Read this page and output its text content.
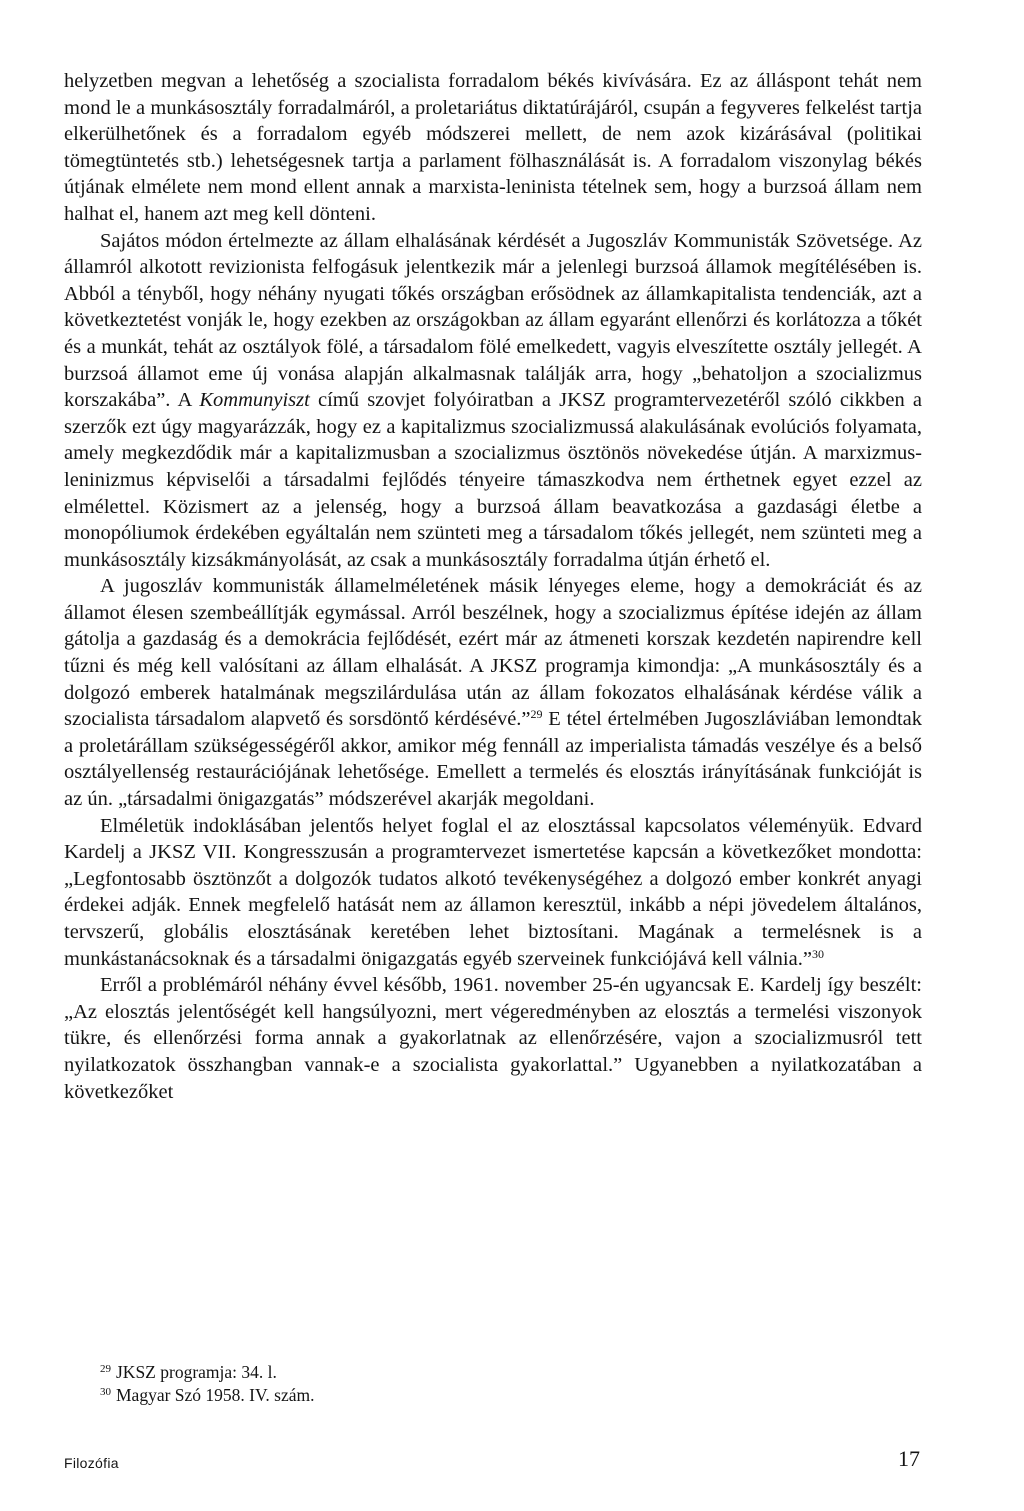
helyzetben megvan a lehetőség a szocialista forradalom békés kivívására. Ez az álláspont tehát nem mond le a munkásosztály forradalmáról, a proletariátus diktatúrájáról, csupán a fegyveres felkelést tartja elkerülhetőnek és a forradalom egyéb módszerei mellett, de nem azok kizárásával (politikai tömegtüntetés stb.) lehetségesnek tartja a parlament fölhasználását is. A forradalom viszonylag békés útjának elmélete nem mond ellent annak a marxista-leninista tételnek sem, hogy a burzsoá állam nem halhat el, hanem azt meg kell dönteni.

Sajátos módon értelmezte az állam elhalásának kérdését a Jugoszláv Kommunisták Szövetsége. Az államról alkotott revizionista felfogásuk jelentkezik már a jelenlegi burzsoá államok megítélésében is. Abból a tényből, hogy néhány nyugati tőkés országban erősödnek az államkapitalista tendenciák, azt a következtetést vonják le, hogy ezekben az országokban az állam egyaránt ellenőrzi és korlátozza a tőkét és a munkát, tehát az osztályok fölé, a társadalom fölé emelkedett, vagyis elveszítette osztály jellegét. A burzsoá államot eme új vonása alapján alkalmasnak találják arra, hogy „behatoljon a szocializmus korszakába”. A Kommunyiszt című szovjet folyóiratban a JKSZ programtervezetéről szóló cikkben a szerzők ezt úgy magyarázzák, hogy ez a kapitalizmus szocializmussá alakulásának evolúciós folyamata, amely megkezdődik már a kapitalizmusban a szocializmus ösztönös növekedése útján. A marxizmus-leninizmus képviselői a társadalmi fejlődés tényeire támaszkodva nem érthetnek egyet ezzel az elmélettel. Közismert az a jelenség, hogy a burzsoá állam beavatkozása a gazdasági életbe a monopóliumok érdekében egyáltalán nem szünteti meg a társadalom tőkés jellegét, nem szünteti meg a munkásosztály kizsákmányolását, az csak a munkásosztály forradalma útján érhető el.

A jugoszláv kommunisták államelméletének másik lényeges eleme, hogy a demokráciát és az államot élesen szembeállítják egymással. Arról beszélnek, hogy a szocializmus építése idején az állam gátolja a gazdaság és a demokrácia fejlődését, ezért már az átmeneti korszak kezdetén napirendre kell tűzni és még kell valósítani az állam elhalását. A JKSZ programja kimondja: „A munkásosztály és a dolgozó emberek hatalmának megszilárdulása után az állam fokozatos elhalásának kérdése válik a szocialista társadalom alapvető és sorsdöntő kérdésévé.”$^{29}$ E tétel értelmében Jugoszláviában lemondtak a proletárállam szükségességéről akkor, amikor még fennáll az imperialista támadás veszélye és a belső osztályellenség restaurációjának lehetősége. Emellett a termelés és elosztás irányításának funkcióját is az ún. „társadalmi önigazgatás” módszerével akarják megoldani.

Elméletük indoklásában jelentős helyet foglal el az elosztással kapcsolatos véleményük. Edvard Kardelj a JKSZ VII. Kongresszusán a programtervezet ismertetése kapcsán a következőket mondotta: „Legfontosabb ösztönzőt a dolgozók tudatos alkotó tevékenységéhez a dolgozó ember konkrét anyagi érdekei adják. Ennek megfelelő hatását nem az államon keresztül, inkább a népi jövedelem általános, tervszerű, globális elosztásának keretében lehet biztosítani. Magának a termelésnek is a munkástanácsoknak és a társadalmi önigazgatás egyéb szerveinek funkciójává kell válnia.”$^{30}$

Erről a problémáról néhány évvel később, 1961. november 25-én ugyancsak E. Kardelj így beszélt: „Az elosztás jelentőségét kell hangsúlyozni, mert végeredményben az elosztás a termelési viszonyok tükre, és ellenőrzési forma annak a gyakorlatnak az ellenőrzésére, vajon a szocializmusról tett nyilatkozatok összhangban vannak-e a szocialista gyakorlattal.” Ugyanebben a nyilatkozatában a következőket

$^{29}$ JKSZ programja: 34. l.
$^{30}$ Magyar Szó 1958. IV. szám.
Filozófia	17
